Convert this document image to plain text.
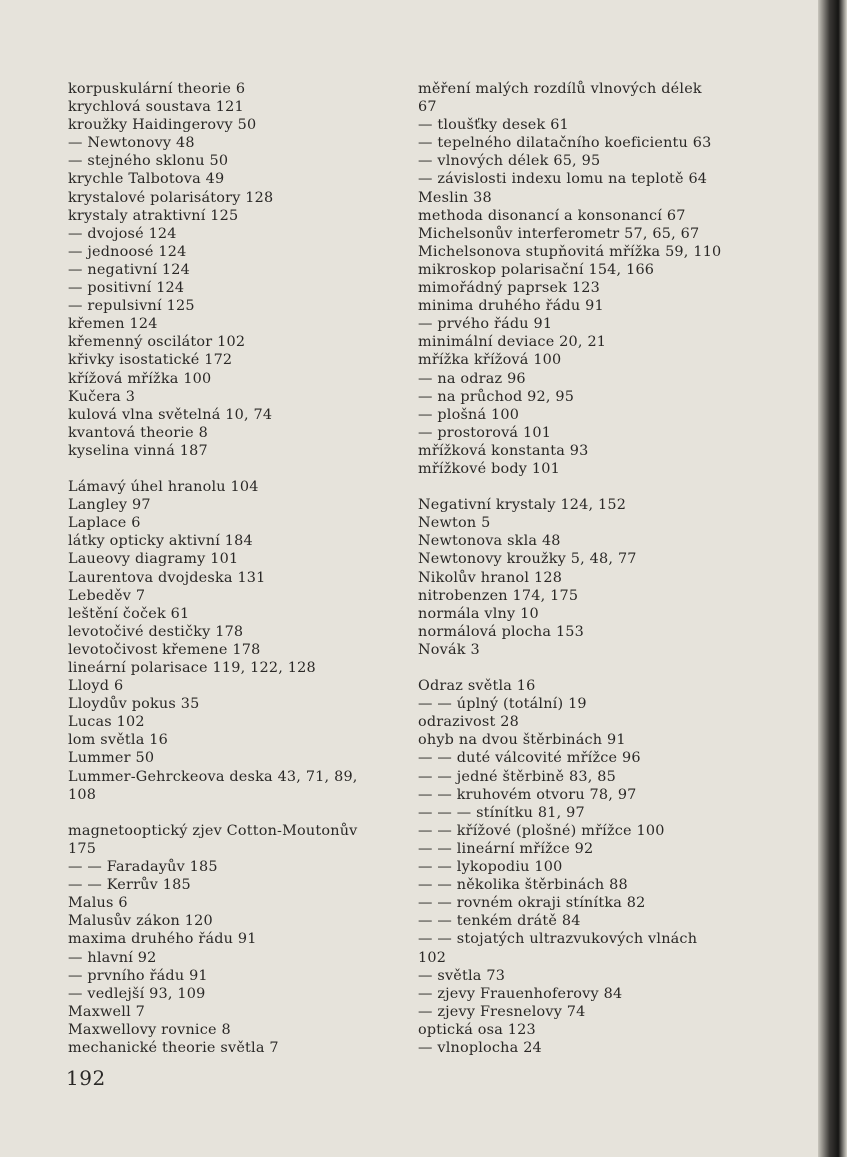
korpuskulární theorie 6
krychlová soustava 121
kroužky Haidingerovy 50
— Newtonovy 48
— stejného sklonu 50
krychle Talbotova 49
krystalové polarisátory 128
krystaly atraktivní 125
— dvojosé 124
— jednoosé 124
— negativní 124
— positivní 124
— repulsivní 125
křemen 124
křemenný oscilátor 102
křivky isostatické 172
křížová mřížka 100
Kučera 3
kulová vlna světelná 10, 74
kvantová theorie 8
kyselina vinná 187
Lámavý úhel hranolu 104
Langley 97
Laplace 6
látky opticky aktivní 184
Laueovy diagramy 101
Laurentova dvojdeska 131
Lebeděv 7
leštění čoček 61
levotočivé destičky 178
levotočivost křemene 178
lineární polarisace 119, 122, 128
Lloyd 6
Lloydův pokus 35
Lucas 102
lom světla 16
Lummer 50
Lummer-Gehrckeova deska 43, 71, 89,
108
magnetooptický zjev Cotton-Moutonův
175
— — Faradayův 185
— — Kerrův 185
Malus 6
Malusův zákon 120
maxima druhého řádu 91
— hlavní 92
— prvního řádu 91
— vedlejší 93, 109
Maxwell 7
Maxwellovy rovnice 8
mechanické theorie světla 7
měření malých rozdílů vlnových délek
67
— tloušťky desek 61
— tepelného dilatačního koeficientu 63
— vlnových délek 65, 95
— závislosti indexu lomu na teplotě 64
Meslin 38
methoda disonancí a konsonancí 67
Michelsonův interferometr 57, 65, 67
Michelsonova stupňovitá mřížka 59, 110
mikroskop polarisační 154, 166
mimořádný paprsek 123
minima druhého řádu 91
— prvého řádu 91
minimální deviace 20, 21
mřížka křížová 100
— na odraz 96
— na průchod 92, 95
— plošná 100
— prostorová 101
mřížková konstanta 93
mřížkové body 101
Negativní krystaly 124, 152
Newton 5
Newtonova skla 48
Newtonovy kroužky 5, 48, 77
Nikolův hranol 128
nitrobenzen 174, 175
normála vlny 10
normálová plocha 153
Novák 3
Odraz světla 16
— — úplný (totální) 19
odrazivost 28
ohyb na dvou štěrbinách 91
— — duté válcovité mřížce 96
— — jedné štěrbině 83, 85
— — kruhovém otvoru 78, 97
— — — stínítku 81, 97
— — křížové (plošné) mřížce 100
— — lineární mřížce 92
— — lykopodiu 100
— — několika štěrbinách 88
— — rovném okraji stínítka 82
— — tenkém drátě 84
— — stojatých ultrazvukových vlnách
102
— světla 73
— zjevy Frauenhoferovy 84
— zjevy Fresnelovy 74
optická osa 123
— vlnoplocha 24
192
